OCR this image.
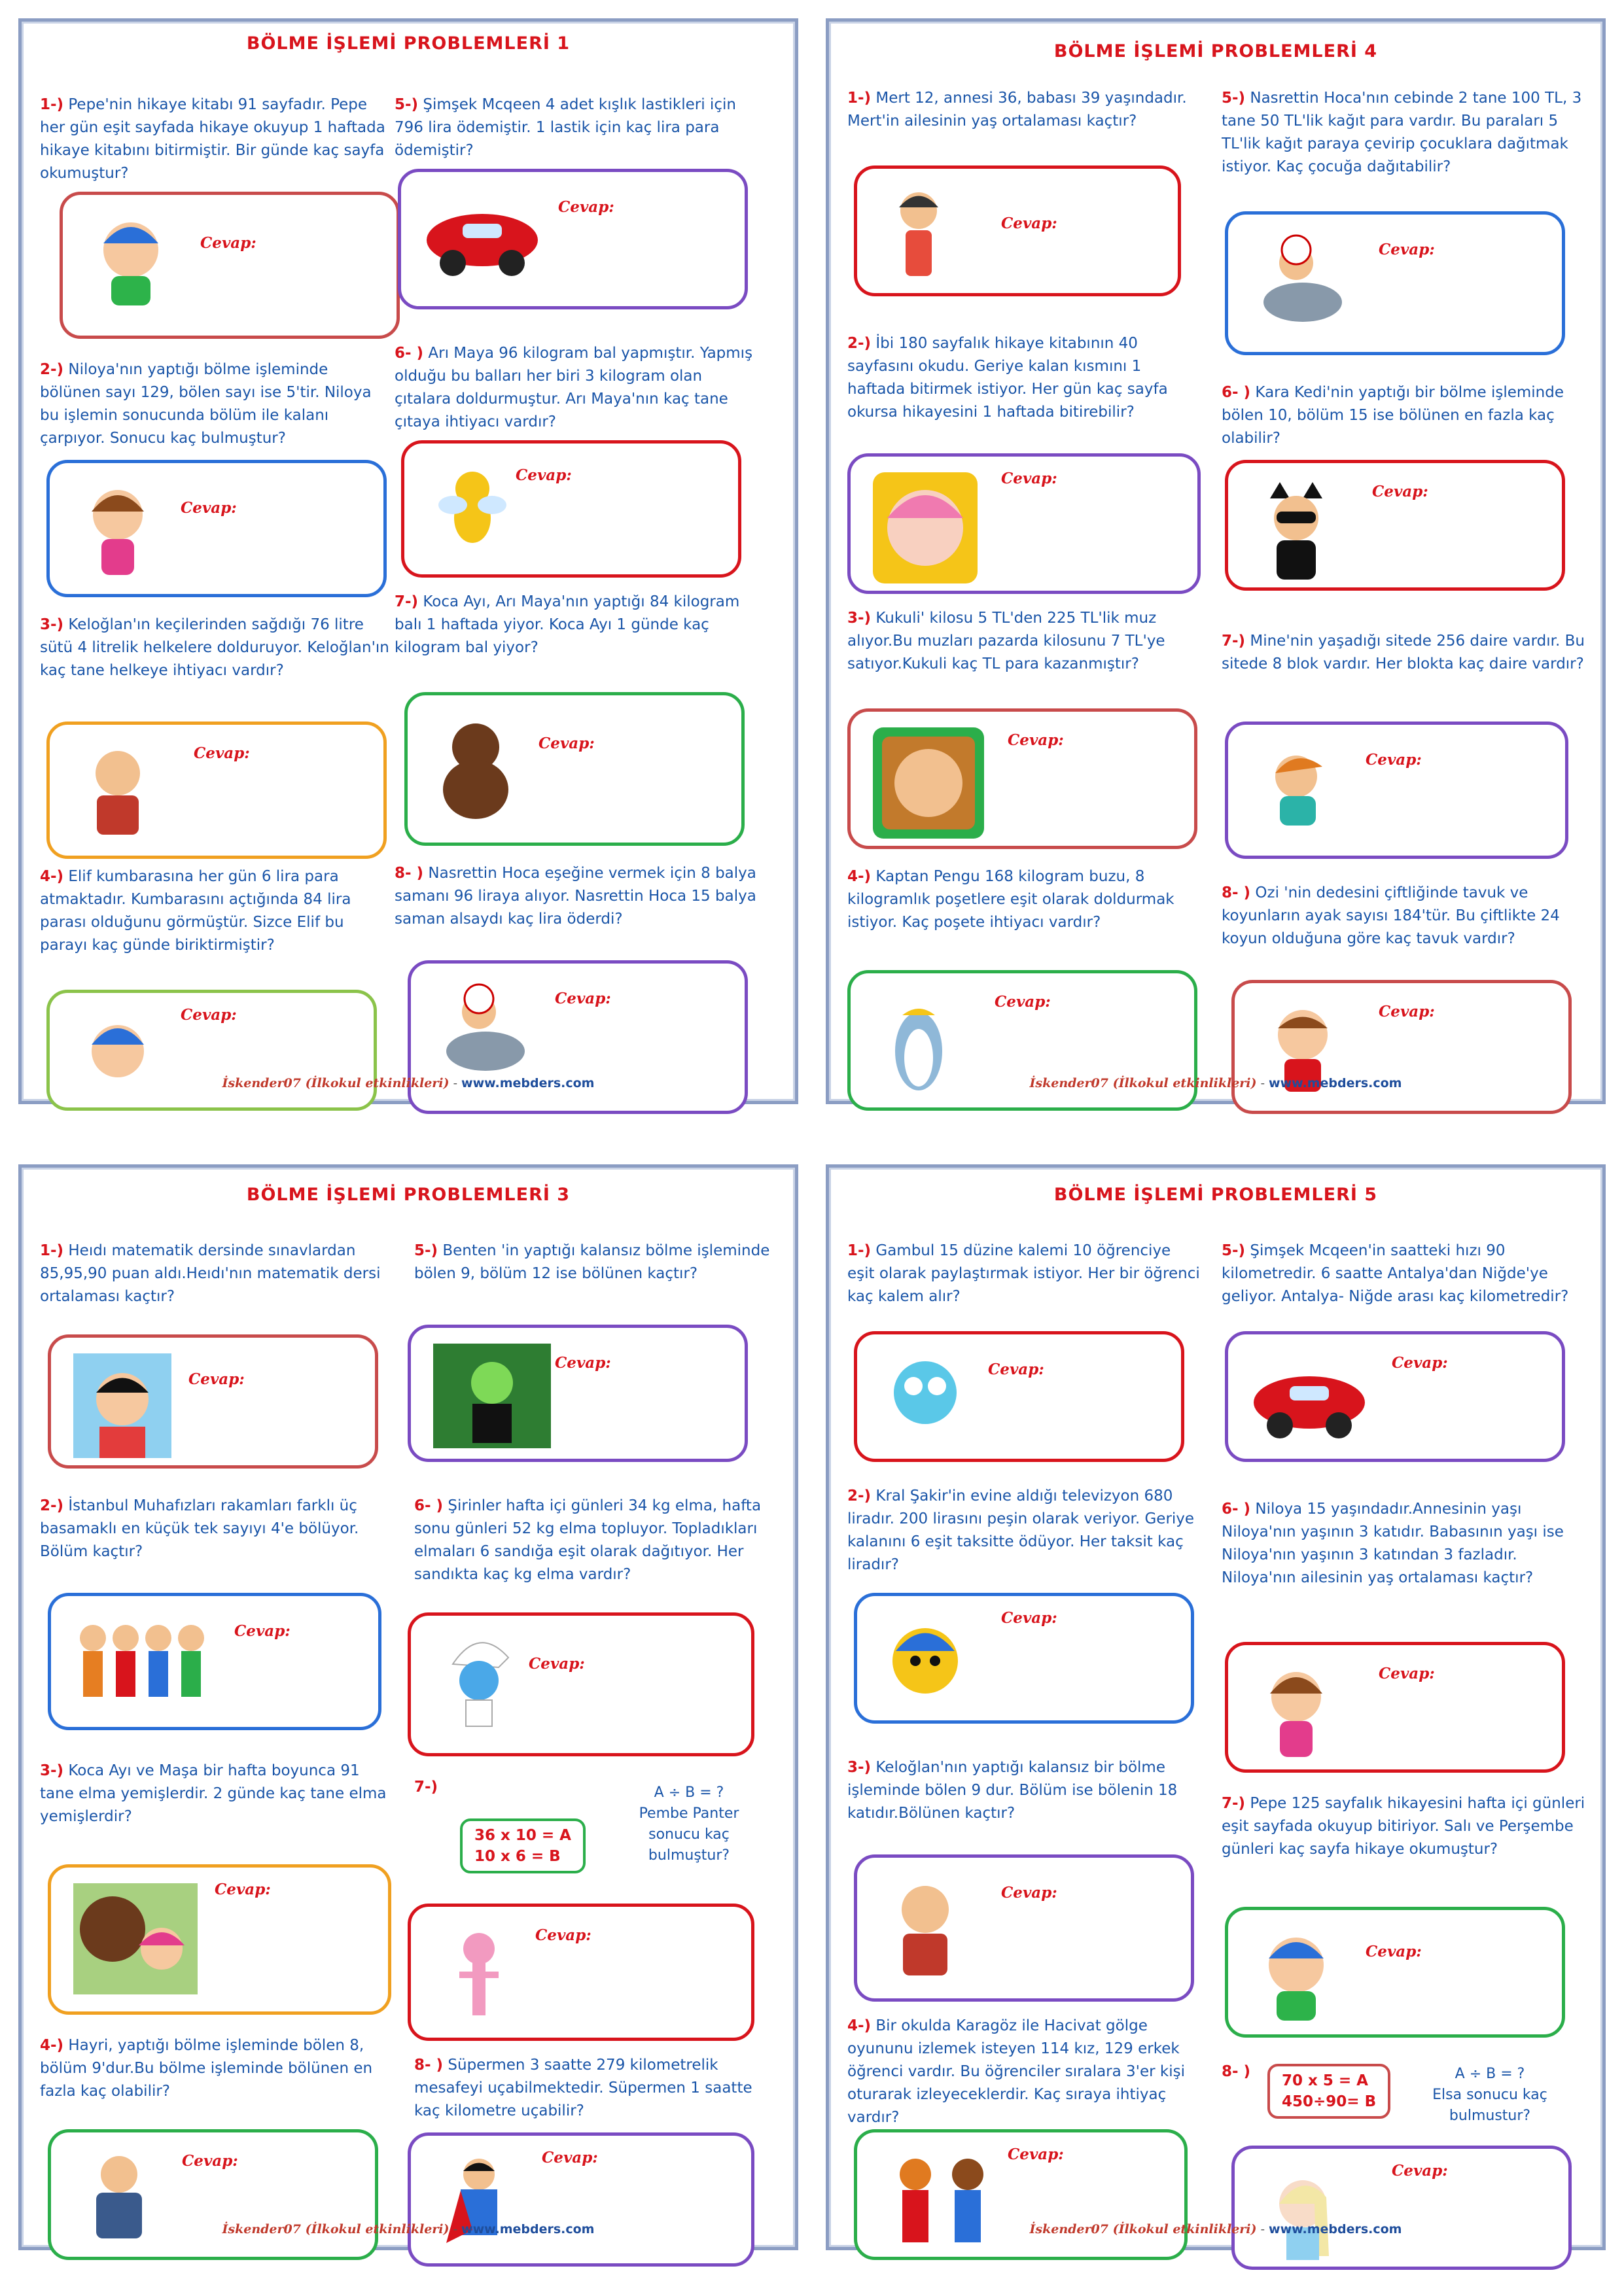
BÖLME İŞLEMİ PROBLEMLERİ 1
1-) Pepe'nin hikaye kitabı 91 sayfadır. Pepe her gün eşit sayfada hikaye okuyup 1 haftada hikaye kitabını bitirmiştir. Bir günde kaç sayfa okumuştur?
Cevap:
2-) Niloya'nın yaptığı bölme işleminde bölünen sayı 129, bölen sayı ise 5'tir. Niloya bu işlemin sonucunda bölüm ile kalanı çarpıyor. Sonucu kaç bulmuştur?
Cevap:
3-) Keloğlan'ın keçilerinden sağdığı 76 litre sütü 4 litrelik helkelere dolduruyor. Keloğlan'ın kaç tane helkeye ihtiyacı vardır?
Cevap:
4-) Elif kumbarasına her gün 6 lira para atmaktadır. Kumbarasını açtığında 84 lira parası olduğunu görmüştür. Sizce Elif bu parayı kaç günde biriktirmiştir?
Cevap:
5-) Şimşek Mcqeen 4 adet kışlık lastikleri için 796 lira ödemiştir. 1 lastik için kaç lira para ödemiştir?
Cevap:
6- ) Arı Maya 96 kilogram bal yapmıştır. Yapmış olduğu bu balları her biri 3 kilogram olan çıtalara doldurmuştur. Arı Maya'nın kaç tane çıtaya ihtiyacı vardır?
Cevap:
7-) Koca Ayı, Arı Maya'nın yaptığı 84 kilogram balı 1 haftada yiyor. Koca Ayı 1 günde kaç kilogram bal yiyor?
Cevap:
8- ) Nasrettin Hoca eşeğine vermek için 8 balya samanı 96 liraya alıyor. Nasrettin Hoca 15 balya saman alsaydı kaç lira öderdi?
Cevap:
İskender07 (İlkokul etkinlikleri) - www.mebders.com
BÖLME İŞLEMİ PROBLEMLERİ 4
1-) Mert 12, annesi 36, babası 39 yaşındadır. Mert'in ailesinin yaş ortalaması kaçtır?
Cevap:
2-) İbi 180 sayfalık hikaye kitabının 40 sayfasını okudu. Geriye kalan kısmını 1 haftada bitirmek istiyor. Her gün kaç sayfa okursa hikayesini 1 haftada bitirebilir?
Cevap:
3-) Kukuli' kilosu 5 TL'den 225 TL'lik muz alıyor.Bu muzları pazarda kilosunu 7 TL'ye satıyor.Kukuli kaç TL para kazanmıştır?
Cevap:
4-) Kaptan Pengu 168 kilogram buzu, 8 kilogramlık poşetlere eşit olarak doldurmak istiyor. Kaç poşete ihtiyacı vardır?
Cevap:
5-) Nasrettin Hoca'nın cebinde 2 tane 100 TL, 3 tane 50 TL'lik kağıt para vardır. Bu paraları 5 TL'lik kağıt paraya çevirip çocuklara dağıtmak istiyor. Kaç çocuğa dağıtabilir?
Cevap:
6- ) Kara Kedi'nin yaptığı bir bölme işleminde bölen 10, bölüm 15 ise bölünen en fazla kaç olabilir?
Cevap:
7-) Mine'nin yaşadığı sitede 256 daire vardır. Bu sitede 8 blok vardır. Her blokta kaç daire vardır?
Cevap:
8- ) Ozi 'nin dedesini çiftliğinde tavuk ve koyunların ayak sayısı 184'tür. Bu çiftlikte 24 koyun olduğuna göre kaç tavuk vardır?
Cevap:
İskender07 (İlkokul etkinlikleri) - www.mebders.com
BÖLME İŞLEMİ PROBLEMLERİ 3
1-) Heıdı matematik dersinde sınavlardan 85,95,90 puan aldı.Heıdı'nın matematik dersi ortalaması kaçtır?
Cevap:
2-) İstanbul Muhafızları rakamları farklı üç basamaklı en küçük tek sayıyı 4'e bölüyor. Bölüm kaçtır?
Cevap:
3-) Koca Ayı ve Maşa bir hafta boyunca 91 tane elma yemişlerdir. 2 günde kaç tane elma yemişlerdir?
Cevap:
4-) Hayri, yaptığı bölme işleminde bölen 8, bölüm 9'dur.Bu bölme işleminde bölünen en fazla kaç olabilir?
Cevap:
5-) Benten 'in yaptığı kalansız bölme işleminde bölen 9, bölüm 12 ise bölünen kaçtır?
Cevap:
6- ) Şirinler hafta içi günleri 34 kg elma, hafta sonu günleri 52 kg elma topluyor. Topladıkları elmaları 6 sandığa eşit olarak dağıtıyor. Her sandıkta kaç kg elma vardır?
Cevap:
7-)
36 x 10 = A
10 x 6 = B
A ÷ B = ?
Pembe Panter sonucu kaç bulmuştur?
Cevap:
8- ) Süpermen 3 saatte 279 kilometrelik mesafeyi uçabilmektedir. Süpermen 1 saatte kaç kilometre uçabilir?
Cevap:
İskender07 (İlkokul etkinlikleri) - www.mebders.com
BÖLME İŞLEMİ PROBLEMLERİ 5
1-) Gambul 15 düzine kalemi 10 öğrenciye eşit olarak paylaştırmak istiyor. Her bir öğrenci kaç kalem alır?
Cevap:
2-) Kral Şakir'in evine aldığı televizyon 680 liradır. 200 lirasını peşin olarak veriyor. Geriye kalanını 6 eşit taksitte ödüyor. Her taksit kaç liradır?
Cevap:
3-) Keloğlan'nın yaptığı kalansız bir bölme işleminde bölen 9 dur. Bölüm ise bölenin 18 katıdır.Bölünen kaçtır?
Cevap:
4-) Bir okulda Karagöz ile Hacivat gölge oyununu izlemek isteyen 114 kız, 129 erkek öğrenci vardır. Bu öğrenciler sıralara 3'er kişi oturarak izleyeceklerdir. Kaç sıraya ihtiyaç vardır?
Cevap:
5-) Şimşek Mcqeen'in saatteki hızı 90 kilometredir. 6 saatte Antalya'dan Niğde'ye geliyor. Antalya- Niğde arası kaç kilometredir?
Cevap:
6- ) Niloya 15 yaşındadır.Annesinin yaşı Niloya'nın yaşının 3 katıdır. Babasının yaşı ise Niloya'nın yaşının 3 katından 3 fazladır. Niloya'nın ailesinin yaş ortalaması kaçtır?
Cevap:
7-) Pepe 125 sayfalık hikayesini hafta içi günleri eşit sayfada okuyup bitiriyor. Salı ve Perşembe günleri kaç sayfa hikaye okumuştur?
Cevap:
8- )
70 x 5 = A
450÷90= B
A ÷ B = ?
Elsa sonucu kaç bulmustur?
Cevap:
İskender07 (İlkokul etkinlikleri) - www.mebders.com
